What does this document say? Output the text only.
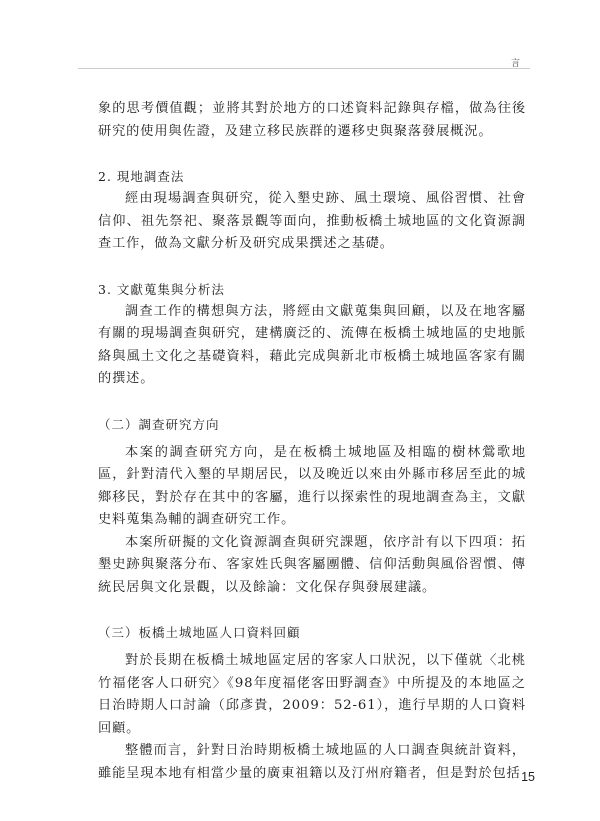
言

象的思考價值觀；並將其對於地方的口述資料記錄與存檔，做為往後研究的使用與佐證，及建立移民族群的遷移史與聚落發展概況。

2. 現地調查法

經由現場調查與研究，從入墾史跡、風土環境、風俗習慣、社會信仰、祖先祭祀、聚落景觀等面向，推動板橋土城地區的文化資源調查工作，做為文獻分析及研究成果撰述之基礎。

3. 文獻蒐集與分析法

調查工作的構想與方法，將經由文獻蒐集與回顧，以及在地客屬有關的現場調查與研究，建構廣泛的、流傳在板橋土城地區的史地脈絡與風土文化之基礎資料，藉此完成與新北市板橋土城地區客家有關的撰述。

（二）調查研究方向

本案的調查研究方向，是在板橋土城地區及相臨的樹林鶯歌地區，針對清代入墾的早期居民，以及晚近以來由外縣市移居至此的城鄉移民，對於存在其中的客屬，進行以探索性的現地調查為主，文獻史料蒐集為輔的調查研究工作。

本案所研擬的文化資源調查與研究課題，依序計有以下四項：拓墾史跡與聚落分布、客家姓氏與客屬團體、信仰活動與風俗習慣、傳統民居與文化景觀，以及餘論：文化保存與發展建議。

（三）板橋土城地區人口資料回顧

對於長期在板橋土城地區定居的客家人口狀況，以下僅就〈北桃竹福佬客人口研究〉《98年度福佬客田野調查》中所提及的本地區之日治時期人口討論（邱彥貴，2009：52-61），進行早期的人口資料回顧。

整體而言，針對日治時期板橋土城地區的人口調查與統計資料，雖能呈現本地有相當少量的廣東祖籍以及汀州府籍者，但是對於包括 15
